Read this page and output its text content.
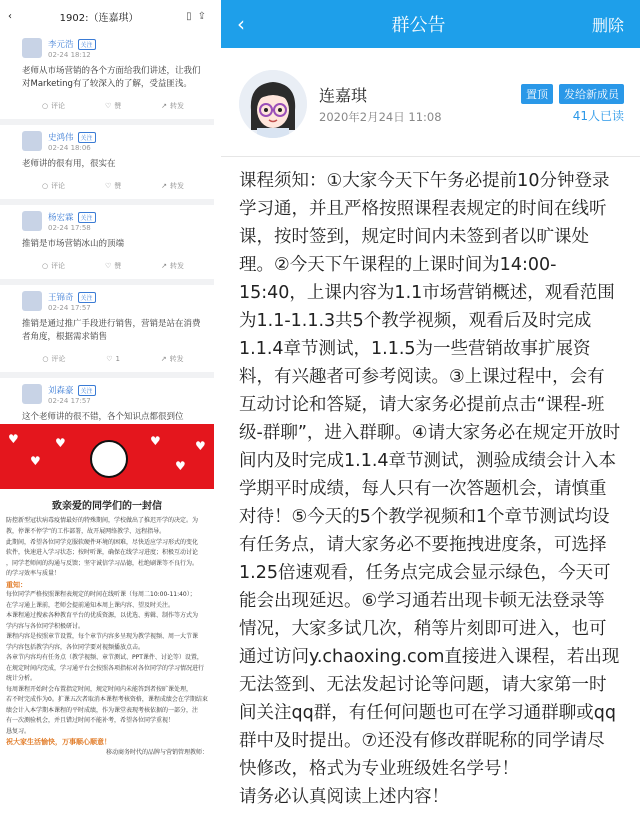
‹	1902:（连嘉琪）	▯ ⇪
李元浩	关注
02-24 18:12
老师从市场营销的各个方面给我们讲述，让我们对Marketing有了较深入的了解，受益匪浅。
○ 评论	♡ 赞	↗ 转发
史鸿伟	关注
02-24 18:06
老师讲的很有用，很实在
○ 评论	♡ 赞	↗ 转发
杨宏霖	关注
02-24 17:58
推销是市场营销冰山的顶端
○ 评论	♡ 赞	↗ 转发
王锦奇	关注
02-24 17:57
推销是通过推广手段进行销售，营销是站在消费者角度，根据需求销售
○ 评论	♡ 1	↗ 转发
刘森豪	关注
02-24 17:57
这个老师讲的很不错，各个知识点都很到位
♥
♥
♥	♥
♥
♥
致亲爱的同学们的一封信
防控新型冠状病毒疫情最好的特殊期间，学校做出了推迟开学的决定。为
教，停课不停学”的工作部署，故开展网络教学、远程指导。
此期间，希望各位同学克服软硬件环境的困难，尽快适应学习形式的变化
软件，快速进入学习状态；按时听课，确保在线学习进度；积极互动讨论
，同学老师间的沟通与反馈；坚守诚信学习品德，杜绝刷课等不良行为。
的学习效率与质量！
重知：
每位同学严格按照课程表规定的时间在线听课（每周二10:00-11:40）；
在学习通上课前，老师会提前通知本周上课内容、望及时关注。
本课程通过搜索各种教育平台的优质资源，以优选、剪辑、制作等方式为
学内容与各位同学积极研讨。
课程内容是按照章节设置，每个章节内容多呈现为教学视频、周一大节课
学内容包括教学内容，各位同学要对视频播放点击。
各章节内容均有任务点（教学视频、章节测试、PPT课件、讨论等）设置，
在规定时间内完成，学习通平台会按照各项指标对各位同学的学习情况进行
统计分析。
每周课程开始时会布置指定时间，规定时间内未能答到者按旷课处理，
若不时完成作为0。扩课五次者取消本课程考核资格，课程成绩会在学期结束
绩会计入本学期本课程的平时成绩，作为课堂表现考核依据的一部分，注
有一次测验机会，并且错过时间不能补考，希望各位同学重视！
恳复习。
祝大家生活愉快，万事顺心顺意！
移动商务时代的品牌与营销管理教师：
‹	群公告	删除
连嘉琪
2020年2月24日 11:08
置顶	发给新成员
41人已读
课程须知：①大家今天下午务必提前10分钟登录学习通，并且严格按照课程表规定的时间在线听课，按时签到，规定时间内未签到者以旷课处理。②今天下午课程的上课时间为14:00-15:40，上课内容为1.1市场营销概述，观看范围为1.1-1.1.3共5个教学视频，观看后及时完成1.1.4章节测试，1.1.5为一些营销故事扩展资料，有兴趣者可参考阅读。③上课过程中，会有互动讨论和答疑，请大家务必提前点击“课程-班级-群聊”，进入群聊。④请大家务必在规定开放时间内及时完成1.1.4章节测试，测验成绩会计入本学期平时成绩，每人只有一次答题机会，请慎重对待！⑤今天的5个教学视频和1个章节测试均设有任务点，请大家务必不要拖拽进度条，可选择1.25倍速观看，任务点完成会显示绿色，今天可能会出现延迟。⑥学习通若出现卡顿无法登录等情况，大家多试几次，稍等片刻即可进入，也可通过访问y.chaoxing.com直接进入课程，若出现无法签到、无法发起讨论等问题，请大家第一时间关注qq群，有任何问题也可在学习通群聊或qq群中及时提出。⑦还没有修改群昵称的同学请尽快修改，格式为专业班级姓名学号！
请务必认真阅读上述内容！
